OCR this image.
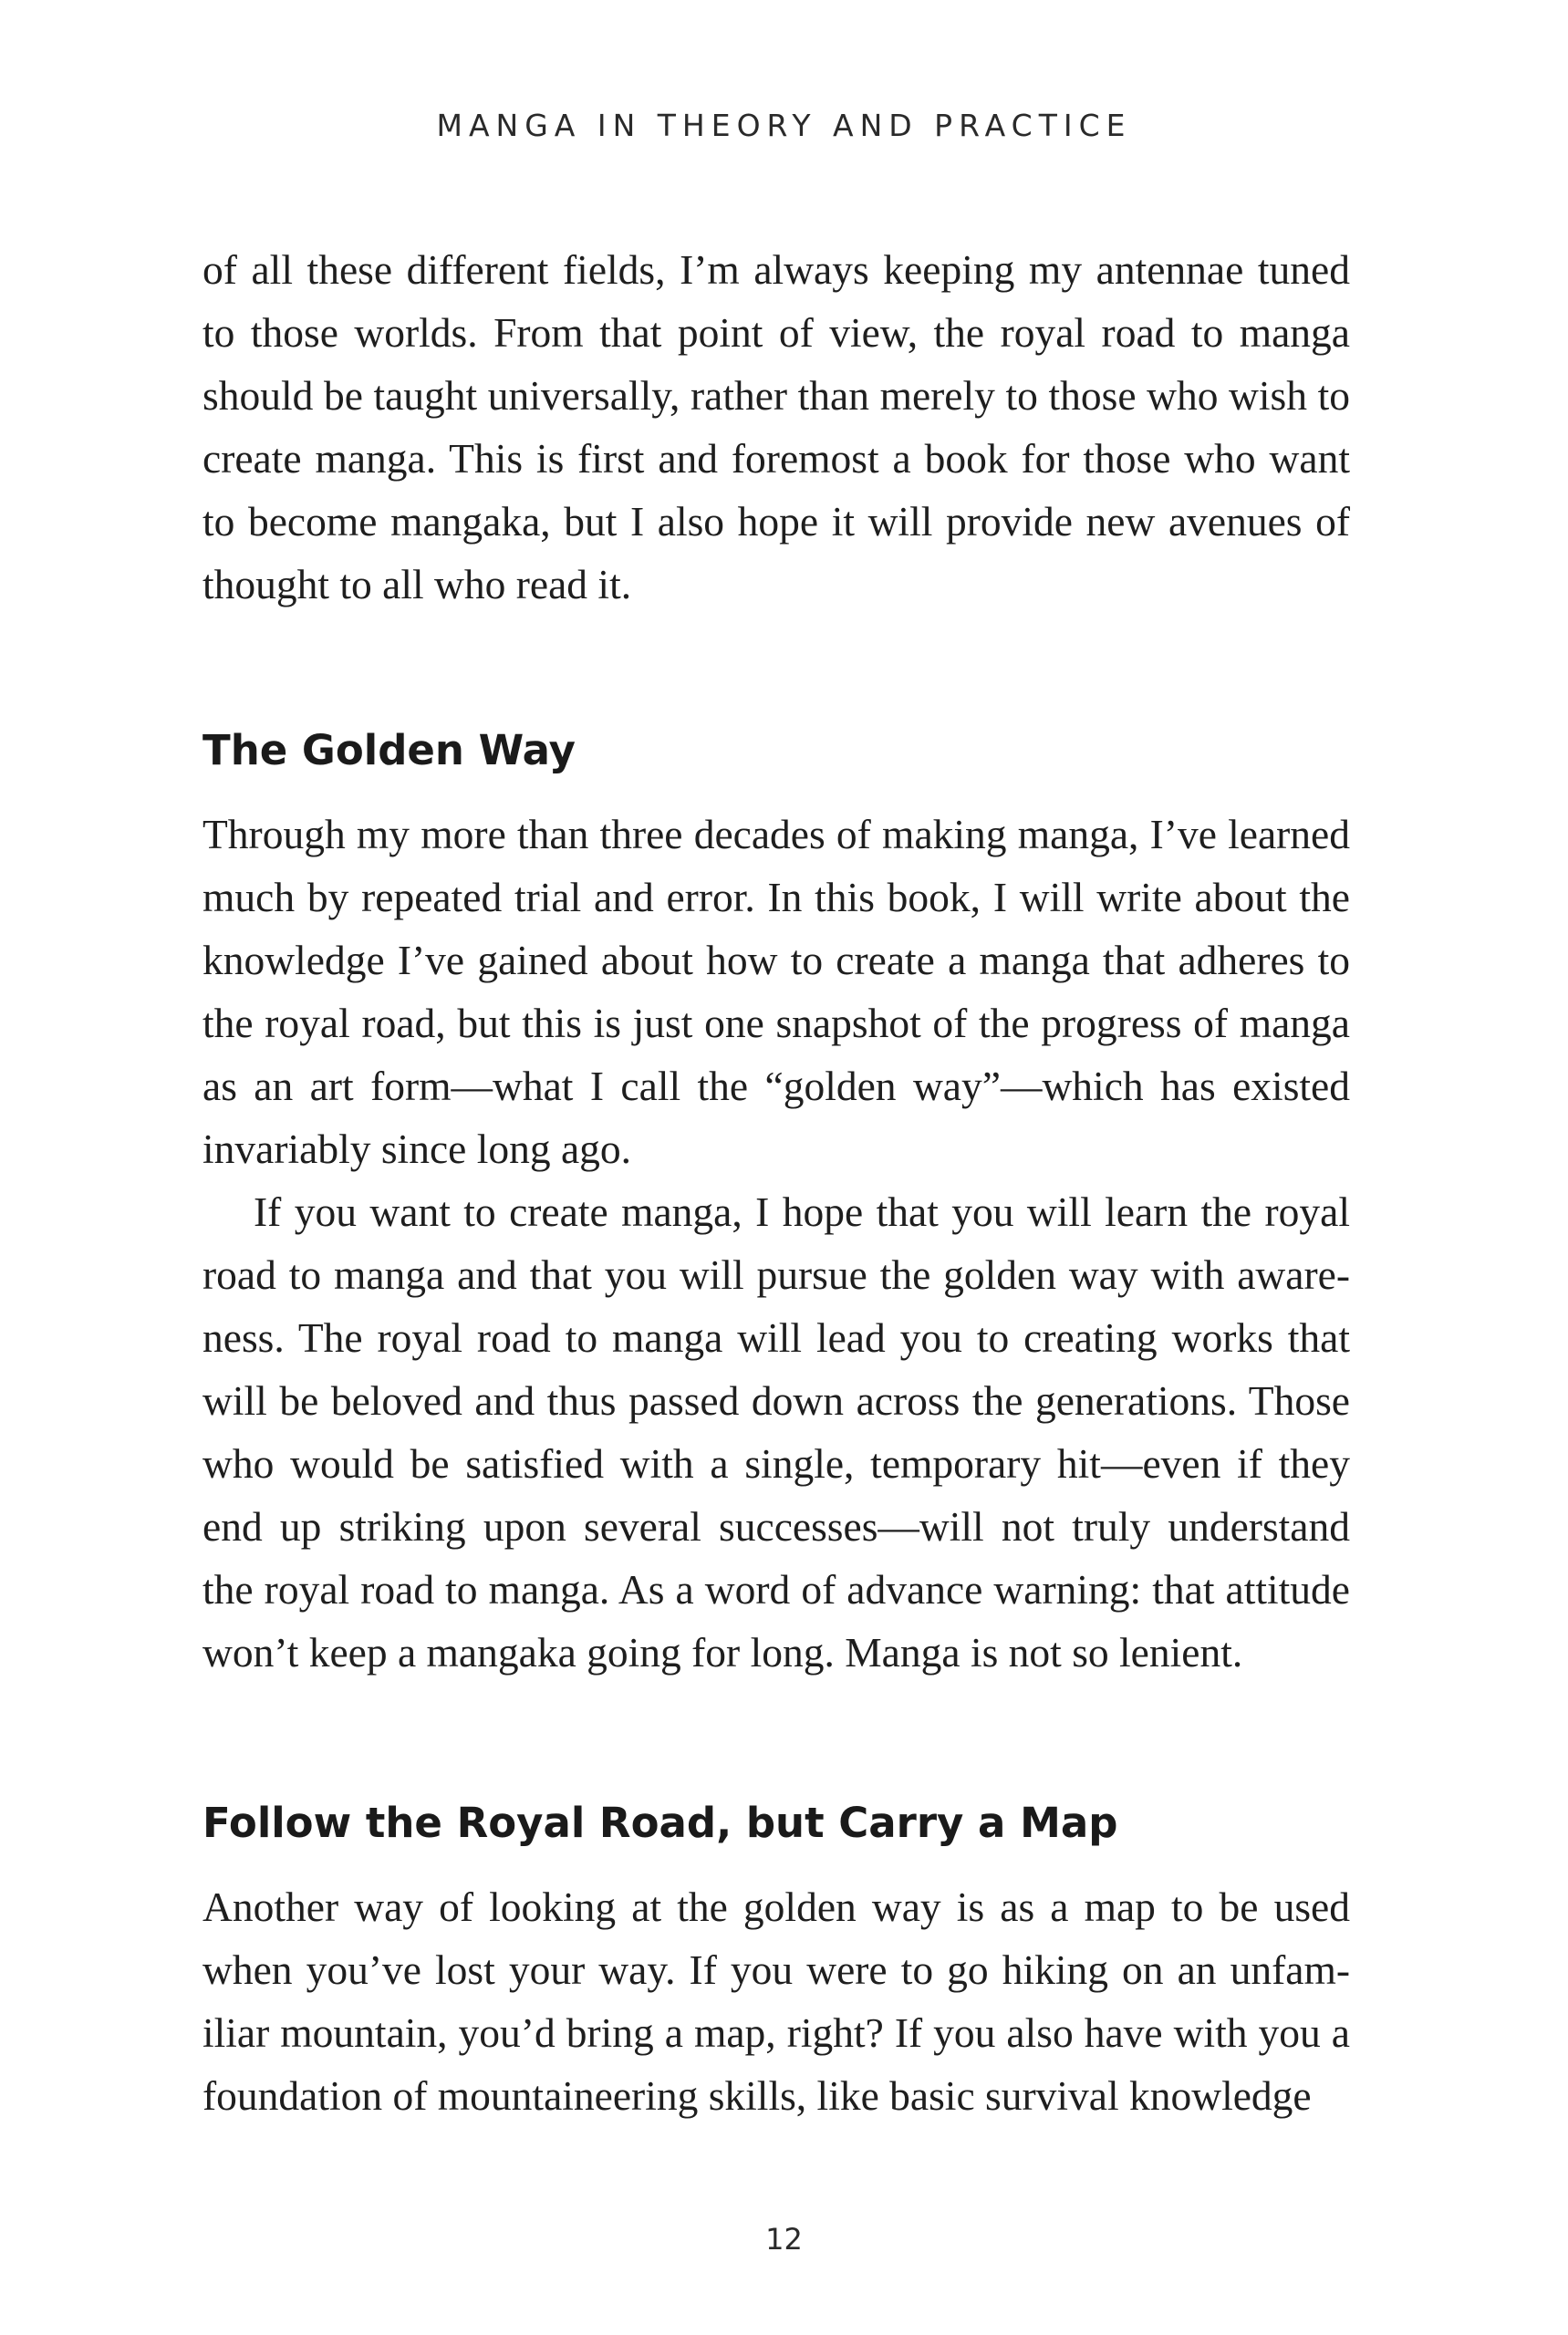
MANGA IN THEORY AND PRACTICE

of all these different fields, I’m always keeping my antennae tuned to those worlds. From that point of view, the royal road to manga should be taught universally, rather than merely to those who wish to create manga. This is first and foremost a book for those who want to become mangaka, but I also hope it will provide new avenues of thought to all who read it.

The Golden Way

Through my more than three decades of making manga, I’ve learned much by repeated trial and error. In this book, I will write about the knowledge I’ve gained about how to create a manga that adheres to the royal road, but this is just one snapshot of the progress of manga as an art form—what I call the “golden way”—which has existed invariably since long ago.

If you want to create manga, I hope that you will learn the royal road to manga and that you will pursue the golden way with awareness. The royal road to manga will lead you to creating works that will be beloved and thus passed down across the generations. Those who would be satisfied with a single, temporary hit—even if they end up striking upon several successes—will not truly understand the royal road to manga. As a word of advance warning: that attitude won’t keep a mangaka going for long. Manga is not so lenient.

Follow the Royal Road, but Carry a Map

Another way of looking at the golden way is as a map to be used when you’ve lost your way. If you were to go hiking on an unfamiliar mountain, you’d bring a map, right? If you also have with you a foundation of mountaineering skills, like basic survival knowledge

12
